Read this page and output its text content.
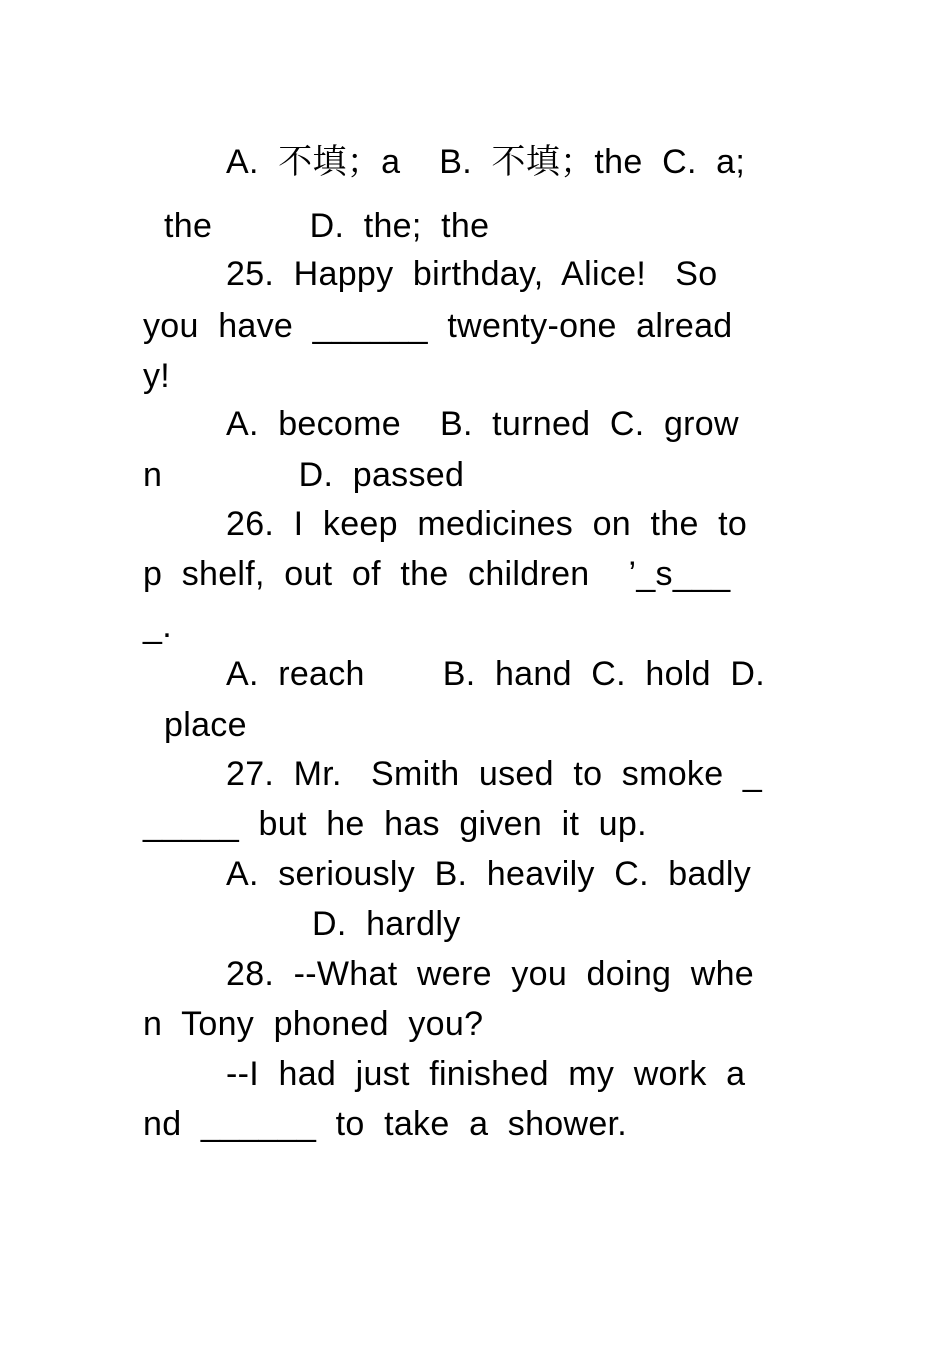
A.  不填；a    B.  不填；the  C.  a;
the          D.  the;  the
25.  Happy  birthday,  Alice!   So
you  have  ______  twenty-one  alread
y!
A.  become    B.  turned  C.  grow
n              D.  passed
26.  I  keep  medicines  on  the  to
p  shelf,  out  of  the  children    ’_s___
_.
A.  reach        B.  hand  C.  hold  D.
place
27.  Mr.   Smith  used  to  smoke  _
_____  but  he  has  given  it  up.
A.  seriously  B.  heavily  C.  badly
D.  hardly
28.  --What  were  you  doing  whe
n  Tony  phoned  you?
--I  had  just  finished  my  work  a
nd  ______  to  take  a  shower.
